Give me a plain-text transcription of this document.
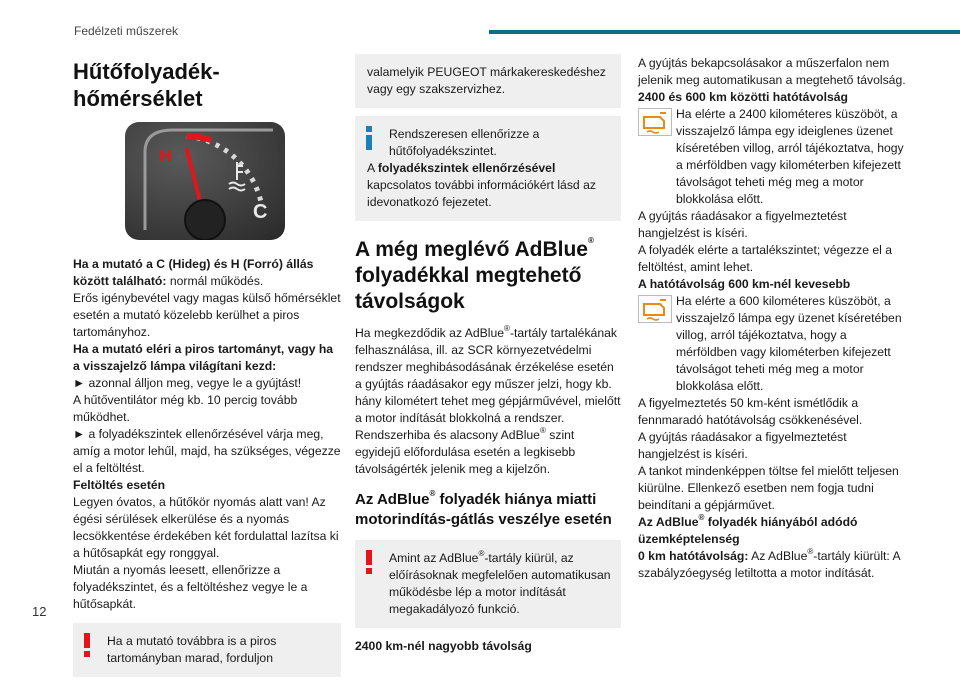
Fedélzeti műszerek
12
Hűtőfolyadék-hőmérséklet
H
C

Ha a mutató a C (Hideg) és H (Forró) állás között található: normál működés.

Erős igénybevétel vagy magas külső hőmérséklet esetén a mutató közelebb kerülhet a piros tartományhoz.

Ha a mutató eléri a piros tartományt, vagy ha a visszajelző lámpa világítani kezd:

► azonnal álljon meg, vegye le a gyújtást!

A hűtőventilátor még kb. 10 percig tovább működhet.

► a folyadékszintek ellenőrzésével várja meg, amíg a motor lehűl, majd, ha szükséges, végezze el a feltöltést.

Feltöltés esetén

Legyen óvatos, a hűtőkör nyomás alatt van! Az égési sérülések elkerülése és a nyomás lecsökkentése érdekében két fordulattal lazítsa ki a hűtősapkát egy ronggyal.

Miután a nyomás leesett, ellenőrizze a folyadékszintet, és a feltöltéshez vegye le a hűtősapkát.

Ha a mutató továbbra is a piros tartományban marad, forduljon
valamelyik PEUGEOT márkakereskedéshez vagy egy szakszervizhez.
Rendszeresen ellenőrizze a hűtőfolyadékszintet.
A folyadékszintek ellenőrzésével kapcsolatos további információkért lásd az idevonatkozó fejezetet.
A még meglévő AdBlue® folyadékkal megtehető távolságok

Ha megkezdődik az AdBlue®-tartály tartalékának felhasználása, ill. az SCR környezetvédelmi rendszer meghibásodásának érzékelése esetén a gyújtás ráadásakor egy műszer jelzi, hogy kb. hány kilométert tehet meg gépjárművével, mielőtt a motor indítását blokkolná a rendszer.

Rendszerhiba és alacsony AdBlue® szint egyidejű előfordulása esetén a legkisebb távolságérték jelenik meg a kijelzőn.

Az AdBlue® folyadék hiánya miatti motorindítás-gátlás veszélye esetén
Amint az AdBlue®-tartály kiürül, az előírásoknak megfelelően automatikusan működésbe lép a motor indítását megakadályozó funkció.

2400 km-nél nagyobb távolság

A gyújtás bekapcsolásakor a műszerfalon nem jelenik meg automatikusan a megtehető távolság.

2400 és 600 km közötti hatótávolság

Ha elérte a 2400 kilométeres küszöböt, a visszajelző lámpa egy ideiglenes üzenet kíséretében villog, arról tájékoztatva, hogy a mérföldben vagy kilométerben kifejezett távolságot teheti még meg a motor blokkolása előtt.

A gyújtás ráadásakor a figyelmeztetést hangjelzést is kíséri.

A folyadék elérte a tartalékszintet; végezze el a feltöltést, amint lehet.

A hatótávolság 600 km-nél kevesebb

Ha elérte a 600 kilométeres küszöböt, a visszajelző lámpa egy üzenet kíséretében villog, arról tájékoztatva, hogy a mérföldben vagy kilométerben kifejezett távolságot teheti még meg a motor blokkolása előtt.

A figyelmeztetés 50 km-ként ismétlődik a fennmaradó hatótávolság csökkenésével.

A gyújtás ráadásakor a figyelmeztetést hangjelzést is kíséri.

A tankot mindenképpen töltse fel mielőtt teljesen kiürülne. Ellenkező esetben nem fogja tudni beindítani a gépjárművet.

Az AdBlue® folyadék hiányából adódó üzemképtelenség

0 km hatótávolság: Az AdBlue®-tartály kiürült: A szabályzóegység letiltotta a motor indítását.
